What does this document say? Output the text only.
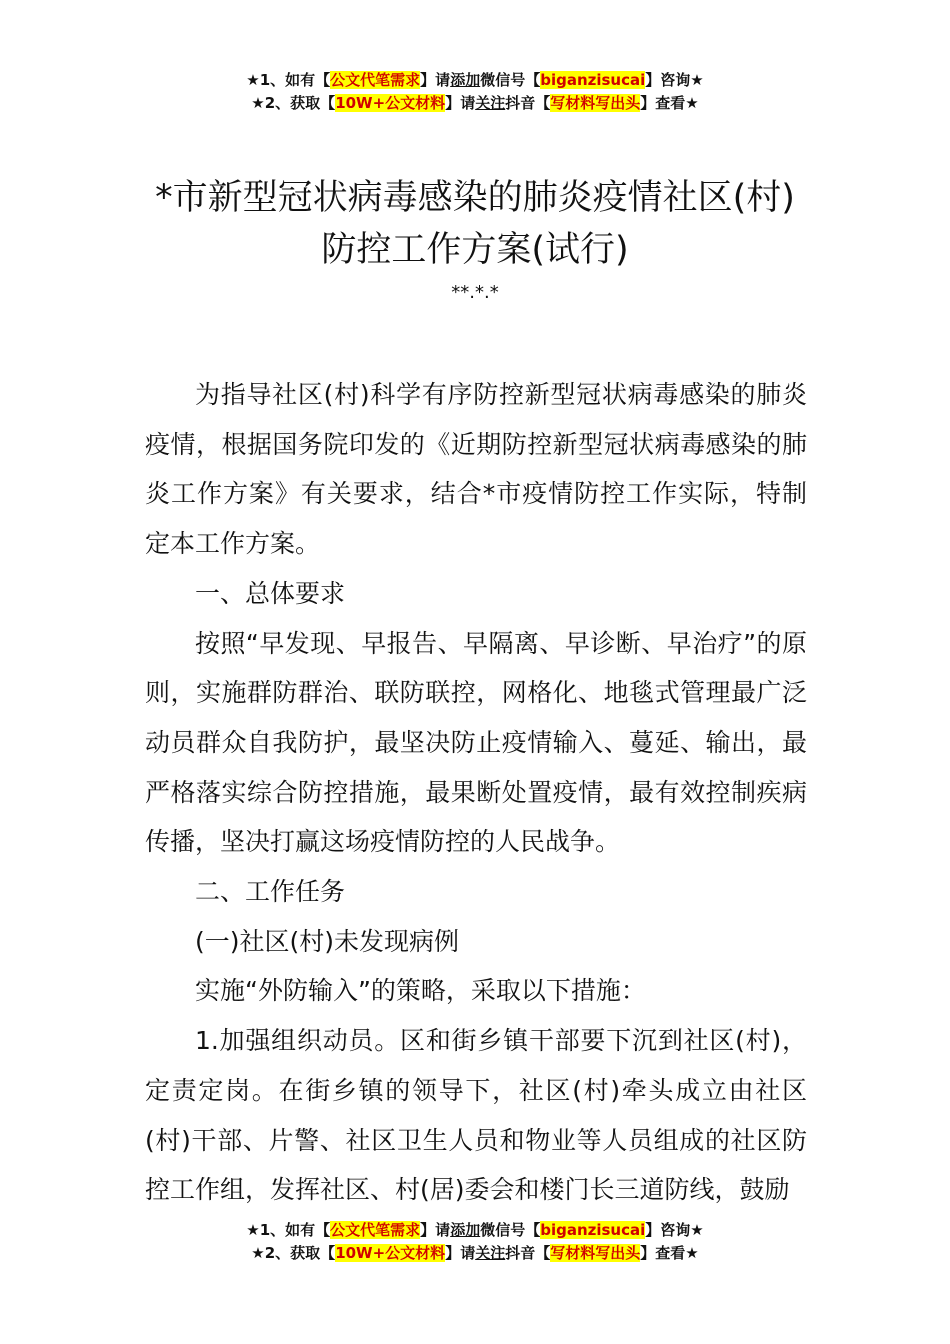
★1、如有【公文代笔需求】请添加微信号【biganzisucai】咨询★
★2、获取【10W+公文材料】请关注抖音【写材料写出头】查看★
*市新型冠状病毒感染的肺炎疫情社区(村)
防控工作方案(试行)
**.*.*

为指导社区(村)科学有序防控新型冠状病毒感染的肺炎疫情，根据国务院印发的《近期防控新型冠状病毒感染的肺炎工作方案》有关要求，结合*市疫情防控工作实际，特制定本工作方案。

一、总体要求

按照“早发现、早报告、早隔离、早诊断、早治疗”的原则，实施群防群治、联防联控，网格化、地毯式管理最广泛动员群众自我防护，最坚决防止疫情输入、蔓延、输出，最严格落实综合防控措施，最果断处置疫情，最有效控制疾病传播，坚决打赢这场疫情防控的人民战争。

二、工作任务

(一)社区(村)未发现病例

实施“外防输入”的策略，采取以下措施：

1.加强组织动员。区和街乡镇干部要下沉到社区(村)，定责定岗。在街乡镇的领导下，社区(村)牵头成立由社区(村)干部、片警、社区卫生人员和物业等人员组成的社区防控工作组，发挥社区、村(居)委会和楼门长三道防线，鼓励

★1、如有【公文代笔需求】请添加微信号【biganzisucai】咨询★
★2、获取【10W+公文材料】请关注抖音【写材料写出头】查看★
